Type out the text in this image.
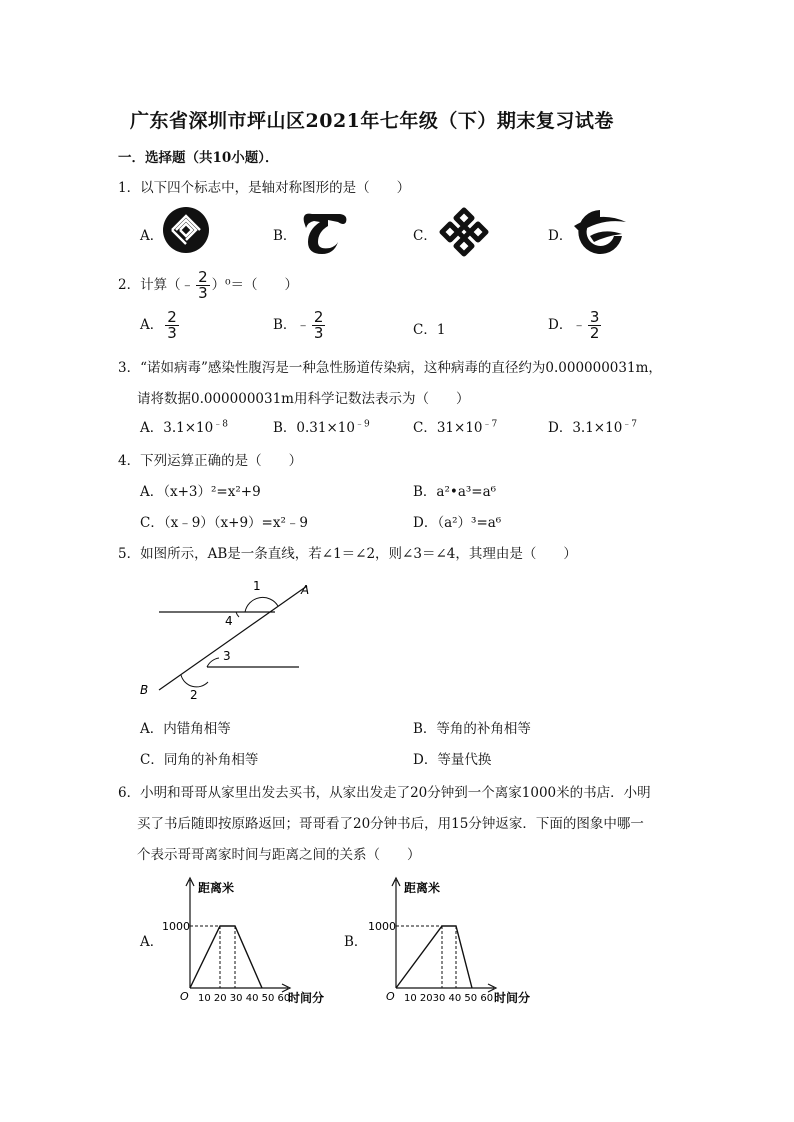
广东省深圳市坪山区2021年七年级（下）期末复习试卷
一．选择题（共10小题）．
1．以下四个标志中，是轴对称图形的是（　　）
A．	B．	C．	D．
2．计算（﹣ $\frac{2}{3} )^0=$（　　）
A． $\frac{2}{3}$	B．﹣ $\frac{2}{3}$	C．1	D．﹣ $\frac{3}{2}$
3．“诺如病毒”感染性腹泻是一种急性肠道传染病，这种病毒的直径约为0.000000031m，
请将数据0.000000031m用科学记数法表示为（　　）
A．$3.1\times 10^{﹣8}$	B．$0.31\times 10^{﹣9}$	C．$31\times 10^{﹣7}$	D．$3.1\times 10^{﹣7}$
4．下列运算正确的是（　　）
A．（x+3）²=x²+9	B．a²•a³=a⁶
C．（x﹣9）（x+9）=x²﹣9	D．（a²）³=a⁶
5．如图所示，AB是一条直线，若∠1＝∠2，则∠3＝∠4，其理由是（　　）
1
4
3
2
A
B
A．内错角相等	B．等角的补角相等
C．同角的补角相等	D．等量代换
6．小明和哥哥从家里出发去买书，从家出发走了20分钟到一个离家1000米的书店．小明
买了书后随即按原路返回；哥哥看了20分钟书后，用15分钟返家．下面的图象中哪一
个表示哥哥离家时间与距离之间的关系（　　）
A．
距离米
1000
O 10 20 30 40 50 60
时间分
B．
距离米
1000
O 10 2030 40 50 60 时间分
